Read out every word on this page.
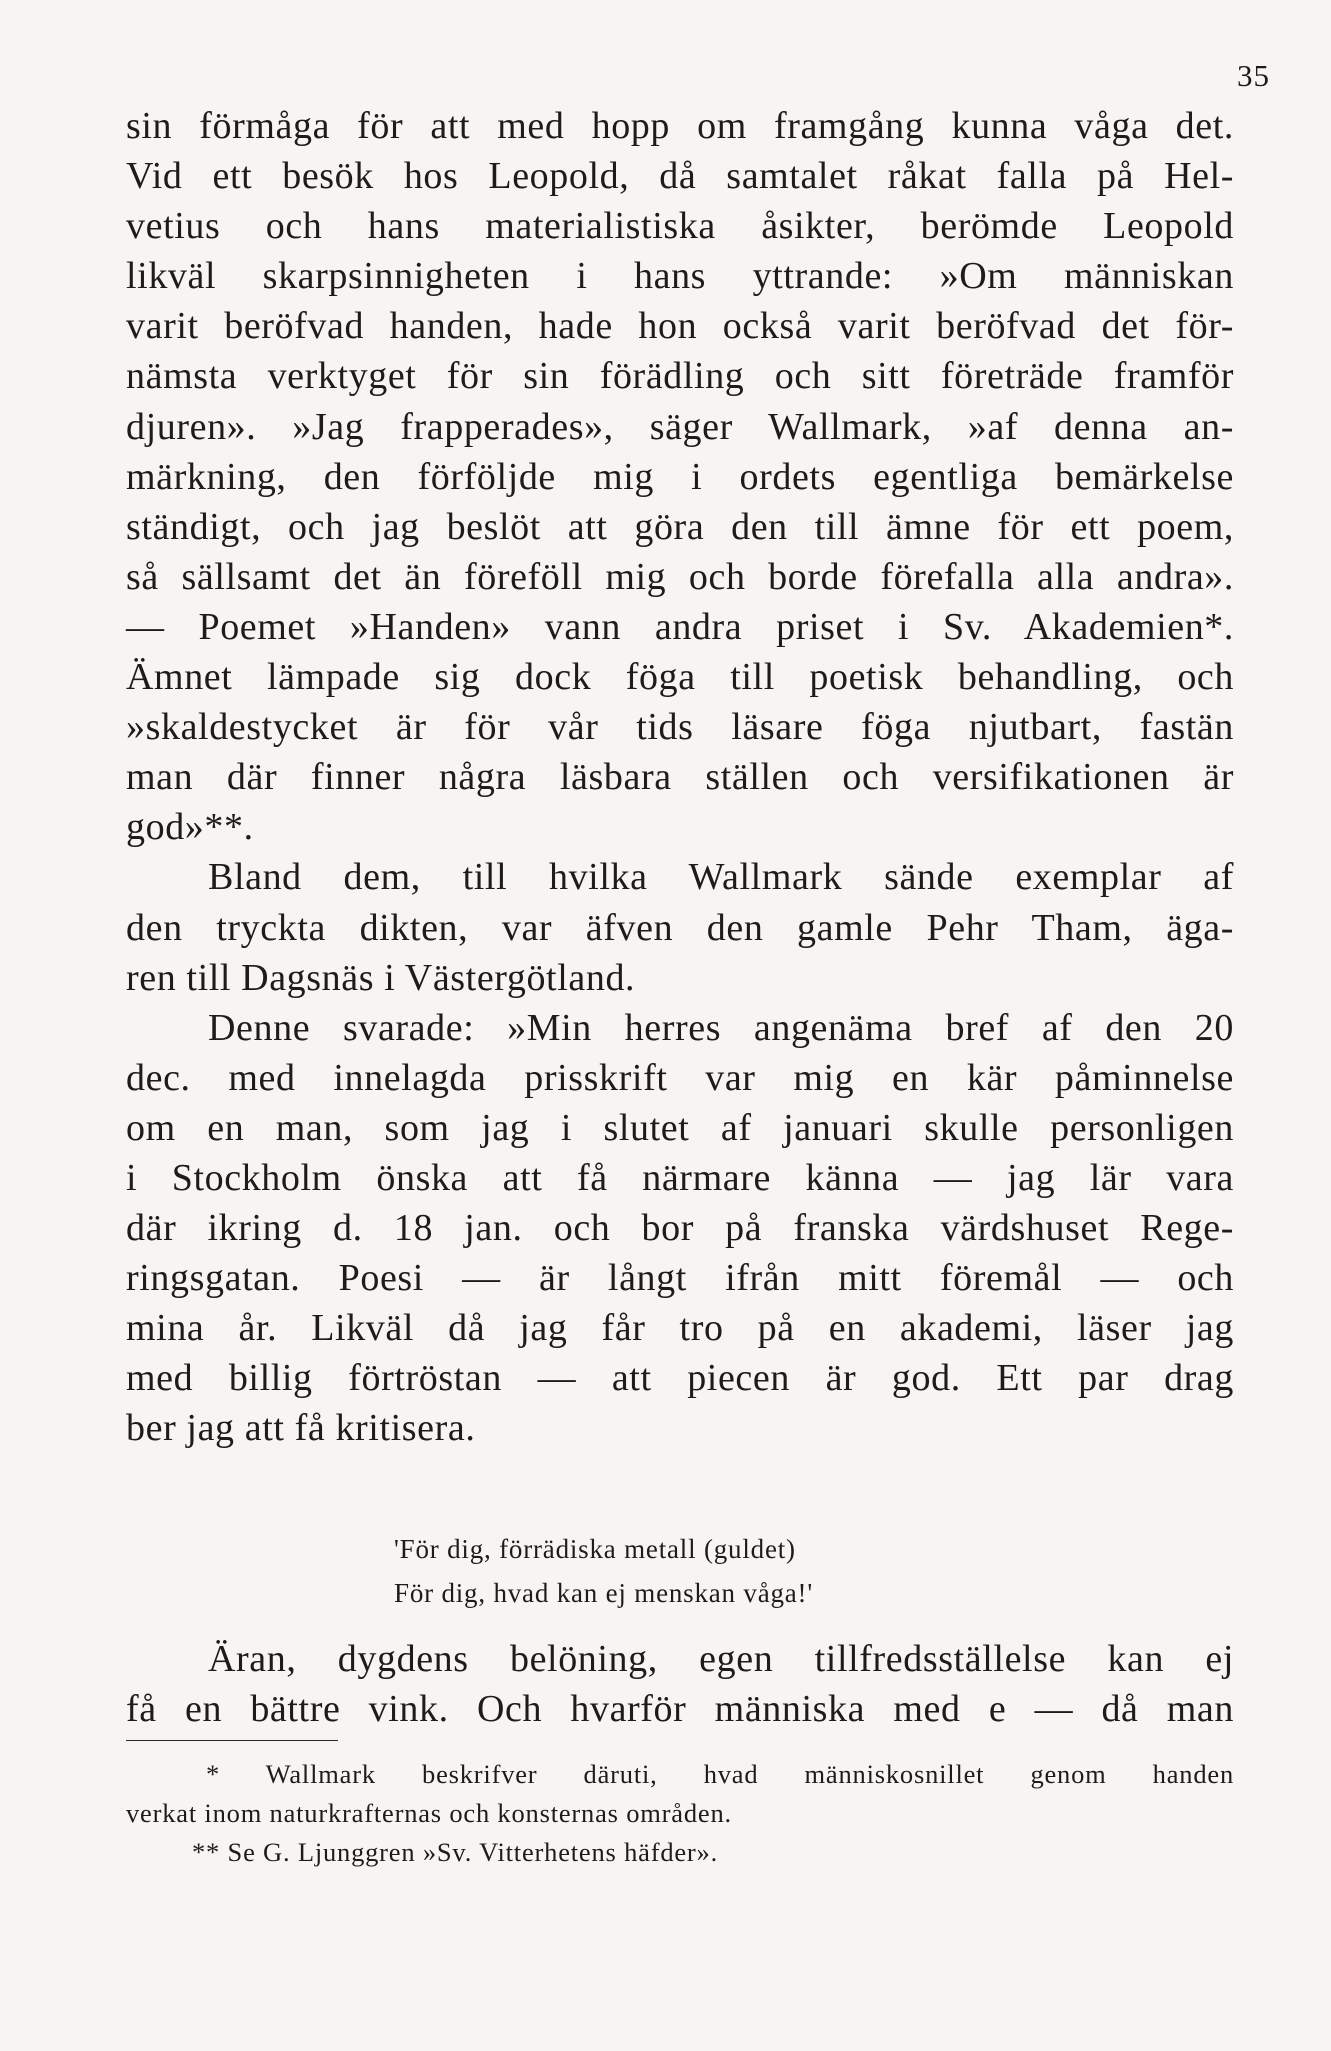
35
sin förmåga för att med hopp om framgång kunna våga det.
Vid ett besök hos Leopold, då samtalet råkat falla på Hel-
vetius och hans materialistiska åsikter, berömde Leopold
likväl skarpsinnigheten i hans yttrande: »Om människan
varit beröfvad handen, hade hon också varit beröfvad det för-
nämsta verktyget för sin förädling och sitt företräde framför
djuren». »Jag frapperades», säger Wallmark, »af denna an-
märkning, den förföljde mig i ordets egentliga bemärkelse
ständigt, och jag beslöt att göra den till ämne för ett poem,
så sällsamt det än föreföll mig och borde förefalla alla andra».
— Poemet »Handen» vann andra priset i Sv. Akademien*.
Ämnet lämpade sig dock föga till poetisk behandling, och
»skaldestycket är för vår tids läsare föga njutbart, fastän
man där finner några läsbara ställen och versifikationen är
god»**.
Bland dem, till hvilka Wallmark sände exemplar af
den tryckta dikten, var äfven den gamle Pehr Tham, äga-
ren till Dagsnäs i Västergötland.
Denne svarade: »Min herres angenäma bref af den 20
dec. med innelagda prisskrift var mig en kär påminnelse
om en man, som jag i slutet af januari skulle personligen
i Stockholm önska att få närmare känna — jag lär vara
där ikring d. 18 jan. och bor på franska värdshuset Rege-
ringsgatan. Poesi — är långt ifrån mitt föremål — och
mina år. Likväl då jag får tro på en akademi, läser jag
med billig förtröstan — att piecen är god. Ett par drag
ber jag att få kritisera.
'För dig, förrädiska metall (guldet)
För dig, hvad kan ej menskan våga!'
Äran, dygdens belöning, egen tillfredsställelse kan ej
få en bättre vink. Och hvarför människa med e — då man
* Wallmark beskrifver däruti, hvad människosnillet genom handen
verkat inom naturkrafternas och konsternas områden.
** Se G. Ljunggren »Sv. Vitterhetens häfder».
